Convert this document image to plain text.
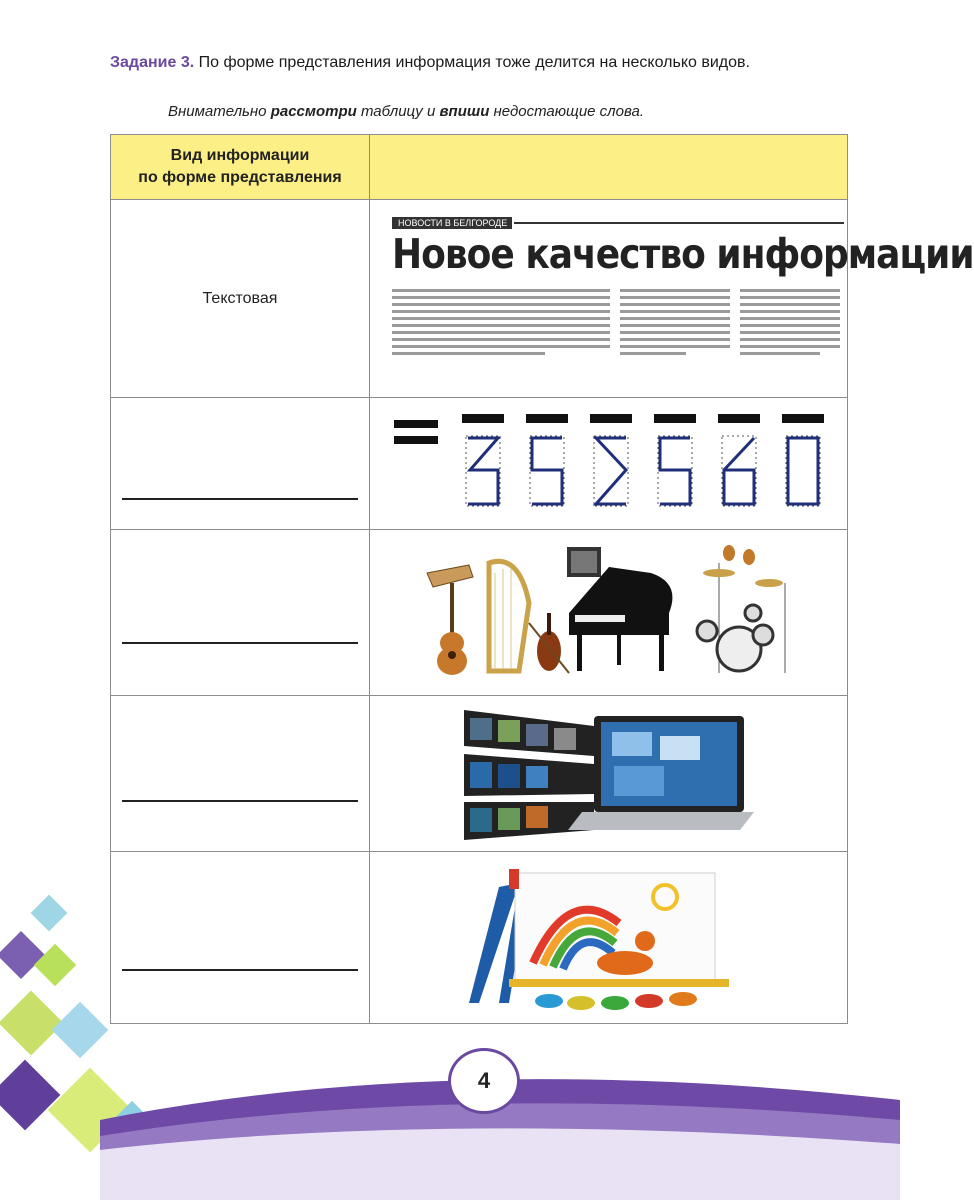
Задание 3. По форме представления информация тоже делится на несколько видов.
Внимательно рассмотри таблицу и впиши недостающие слова.
Вид информации
по форме представления	

Текстовая	НОВОСТИ В БЕЛГОРОДЕ
Новое качество информации

4
